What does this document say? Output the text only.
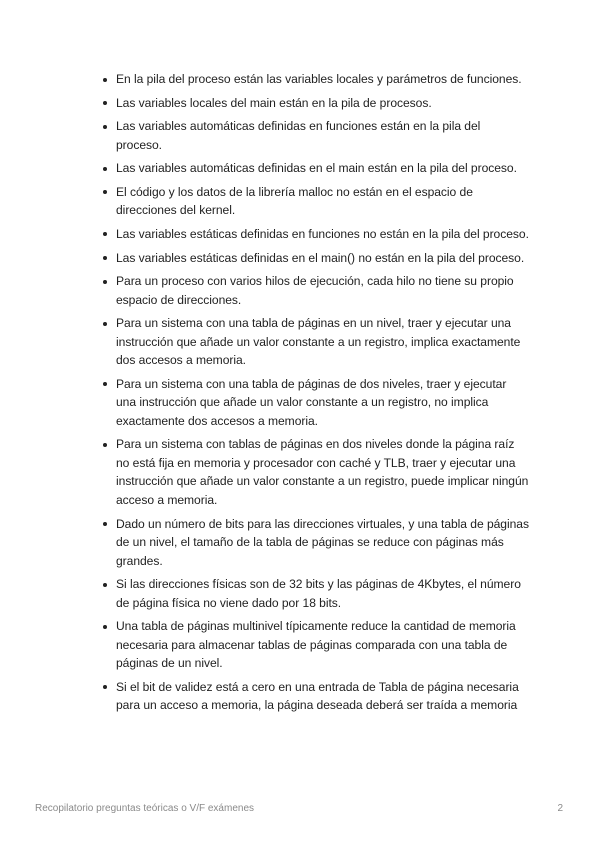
En la pila del proceso están las variables locales y parámetros de funciones.
Las variables locales del main están en la pila de procesos.
Las variables automáticas definidas en funciones están en la pila del proceso.
Las variables automáticas definidas en el main están en la pila del proceso.
El código y los datos de la librería malloc no están en el espacio de direcciones del kernel.
Las variables estáticas definidas en funciones no están en la pila del proceso.
Las variables estáticas definidas en el main() no están en la pila del proceso.
Para un proceso con varios hilos de ejecución, cada hilo no tiene su propio espacio de direcciones.
Para un sistema con una tabla de páginas en un nivel, traer y ejecutar una instrucción que añade un valor constante a un registro, implica exactamente dos accesos a memoria.
Para un sistema con una tabla de páginas de dos niveles, traer y ejecutar una instrucción que añade un valor constante a un registro, no implica exactamente dos accesos a memoria.
Para un sistema con tablas de páginas en dos niveles donde la página raíz no está fija en memoria y procesador con caché y TLB, traer y ejecutar una instrucción que añade un valor constante a un registro, puede implicar ningún acceso a memoria.
Dado un número de bits para las direcciones virtuales, y una tabla de páginas de un nivel, el tamaño de la tabla de páginas se reduce con páginas más grandes.
Si las direcciones físicas son de 32 bits y las páginas de 4Kbytes, el número de página física no viene dado por 18 bits.
Una tabla de páginas multinivel típicamente reduce la cantidad de memoria necesaria para almacenar tablas de páginas comparada con una tabla de páginas de un nivel.
Si el bit de validez está a cero en una entrada de Tabla de página necesaria para un acceso a memoria, la página deseada deberá ser traída a memoria
Recopilatorio preguntas teóricas o V/F exámenes	2
